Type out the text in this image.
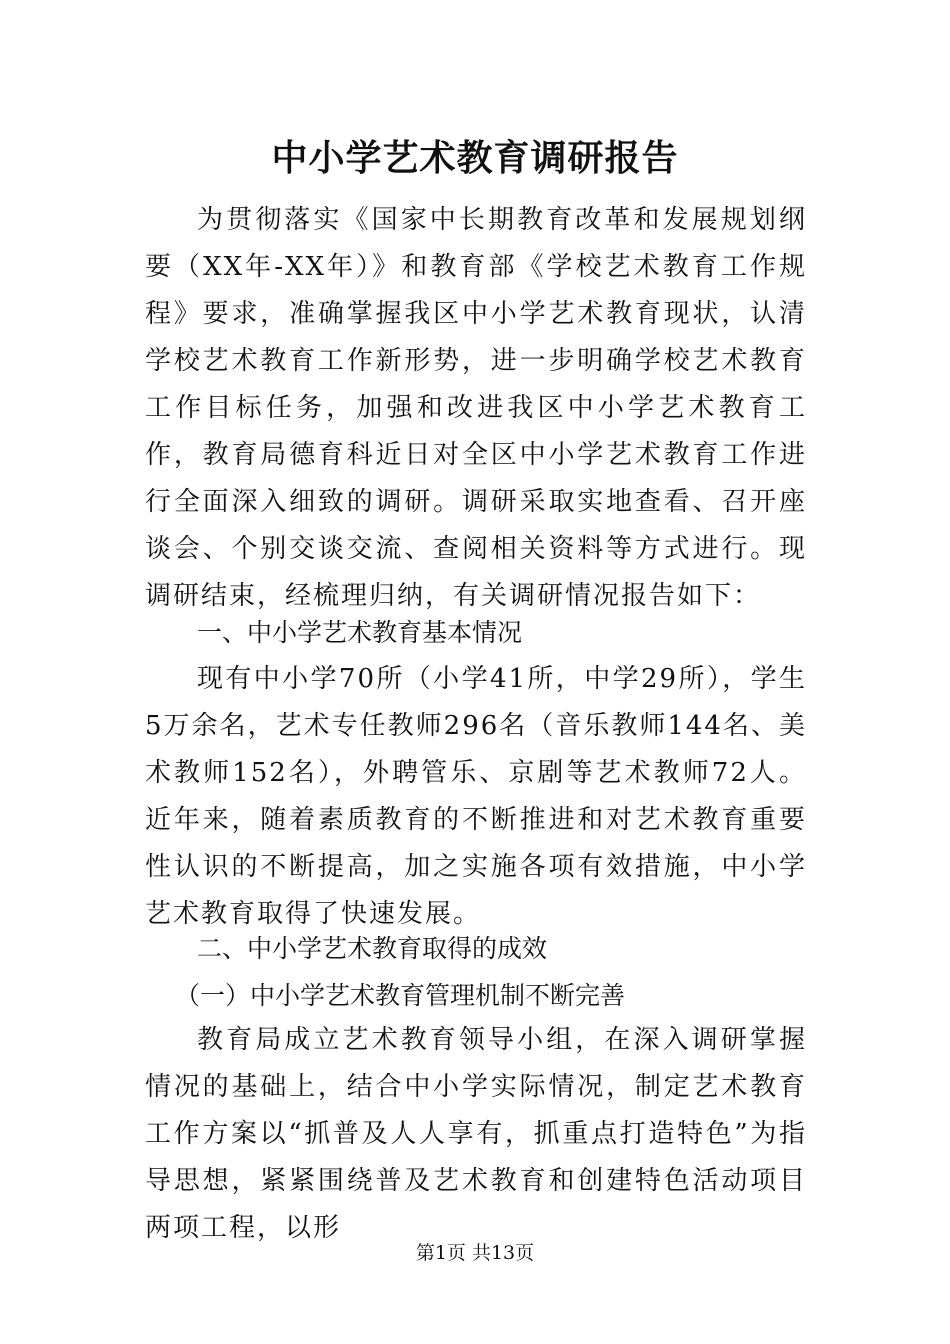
中小学艺术教育调研报告

为贯彻落实《国家中长期教育改革和发展规划纲要（XX年-XX年）》和教育部《学校艺术教育工作规程》要求，准确掌握我区中小学艺术教育现状，认清学校艺术教育工作新形势，进一步明确学校艺术教育工作目标任务，加强和改进我区中小学艺术教育工作，教育局德育科近日对全区中小学艺术教育工作进行全面深入细致的调研。调研采取实地查看、召开座谈会、个别交谈交流、查阅相关资料等方式进行。现调研结束，经梳理归纳，有关调研情况报告如下：

一、中小学艺术教育基本情况

现有中小学70所（小学41所，中学29所），学生5万余名，艺术专任教师296名（音乐教师144名、美术教师152名），外聘管乐、京剧等艺术教师72人。近年来，随着素质教育的不断推进和对艺术教育重要性认识的不断提高，加之实施各项有效措施，中小学艺术教育取得了快速发展。

二、中小学艺术教育取得的成效

（一）中小学艺术教育管理机制不断完善

教育局成立艺术教育领导小组，在深入调研掌握情况的基础上，结合中小学实际情况，制定艺术教育工作方案以“抓普及人人享有，抓重点打造特色”为指导思想，紧紧围绕普及艺术教育和创建特色活动项目两项工程，以形

第1页 共13页
